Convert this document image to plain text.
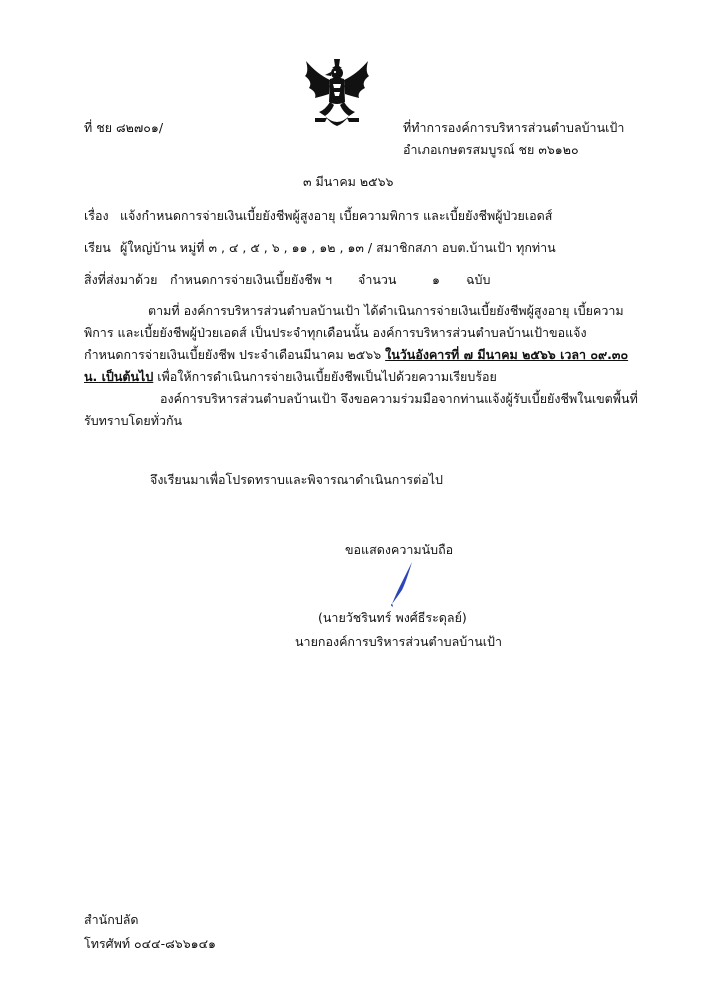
ที่ ชย ๘๒๗๐๑/	ที่ทำการองค์การบริหารส่วนตำบลบ้านเป้า
อำเภอเกษตรสมบูรณ์ ชย ๓๖๑๒๐
๓ มีนาคม ๒๕๖๖
เรื่อง แจ้งกำหนดการจ่ายเงินเบี้ยยังชีพผู้สูงอายุ เบี้ยความพิการ และเบี้ยยังชีพผู้ป่วยเอดส์
เรียน ผู้ใหญ่บ้าน หมู่ที่ ๓ , ๔ , ๕ , ๖ , ๑๑ , ๑๒ , ๑๓ / สมาชิกสภา อบต.บ้านเป้า ทุกท่าน
สิ่งที่ส่งมาด้วย กำหนดการจ่ายเงินเบี้ยยังชีพ ฯ จำนวน	๑ ฉบับ
ตามที่ องค์การบริหารส่วนตำบลบ้านเป้า ได้ดำเนินการจ่ายเงินเบี้ยยังชีพผู้สูงอายุ เบี้ยความพิการ และเบี้ยยังชีพผู้ป่วยเอดส์ เป็นประจำทุกเดือนนั้น องค์การบริหารส่วนตำบลบ้านเป้าขอแจ้งกำหนดการจ่ายเงินเบี้ยยังชีพ ประจำเดือนมีนาคม ๒๕๖๖ ในวันอังคารที่ ๗ มีนาคม ๒๕๖๖ เวลา ๐๙.๓๐ น. เป็นต้นไป เพื่อให้การดำเนินการจ่ายเงินเบี้ยยังชีพเป็นไปด้วยความเรียบร้อย
องค์การบริหารส่วนตำบลบ้านเป้า จึงขอความร่วมมือจากท่านแจ้งผู้รับเบี้ยยังชีพในเขตพื้นที่ รับทราบโดยทั่วกัน
จึงเรียนมาเพื่อโปรดทราบและพิจารณาดำเนินการต่อไป
ขอแสดงความนับถือ
(นายวัชรินทร์ พงศ์ธีระดุลย์)
นายกองค์การบริหารส่วนตำบลบ้านเป้า
สำนักปลัด
โทรศัพท์ ๐๔๔-๘๖๖๑๔๑
